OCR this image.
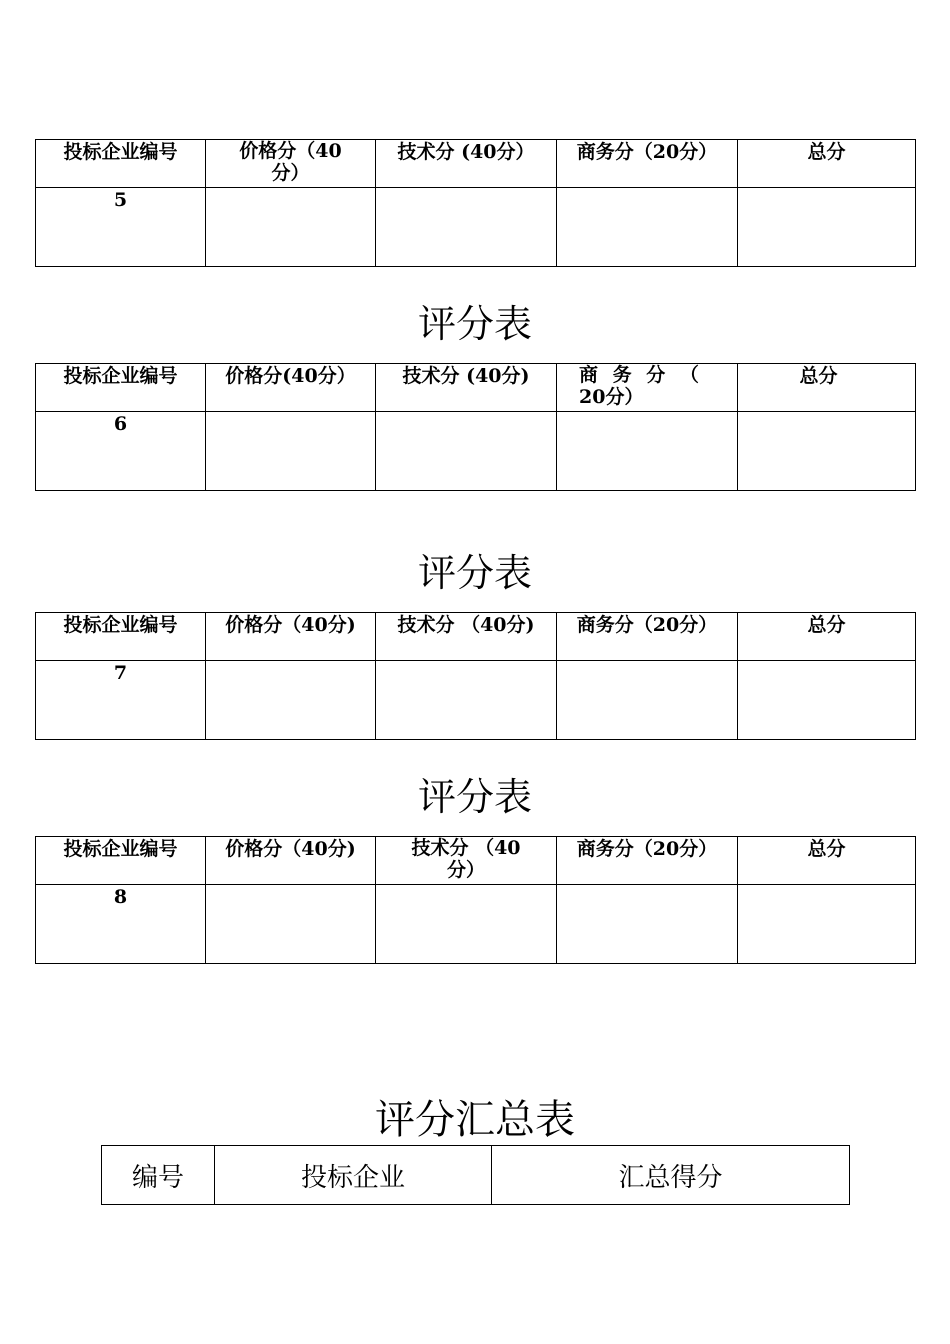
投标企业编号	价格分（40分）	技术分 (40分）	商务分（20分）	总分
5				
评分表
投标企业编号	价格分(40分）	技术分 (40分)	商 务 分 （ 20分）	总分
6				
评分表
投标企业编号	价格分（40分)	技术分 （40分)	商务分（20分）	总分
7				
评分表
投标企业编号	价格分（40分)	技术分 （40分）	商务分（20分）	总分
8				
评分汇总表
编号	投标企业	汇总得分
